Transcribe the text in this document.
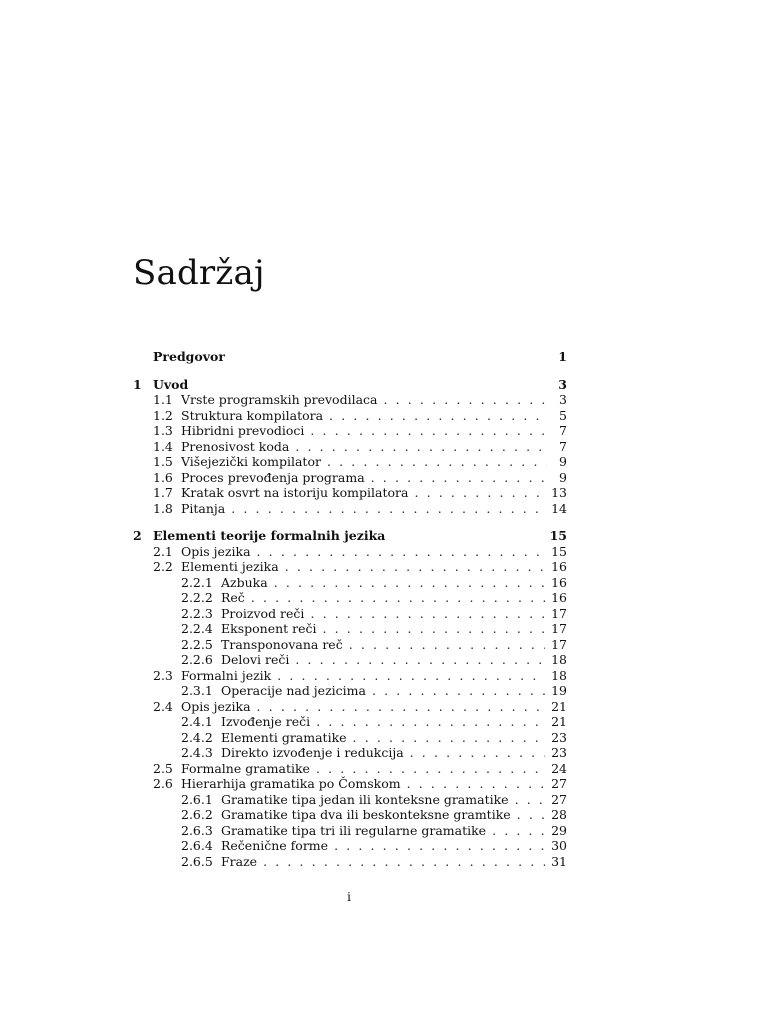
Sadržaj
Predgovor	1
1 Uvod	3
1.1 Vrste programskih prevodilaca . . .	3
1.2 Struktura kompilatora . . .	5
1.3 Hibridni prevodioci . . .	7
1.4 Prenosivost koda . . .	7
1.5 Višejezički kompilator . . .	9
1.6 Proces prevođenja programa . . .	9
1.7 Kratak osvrt na istoriju kompilatora . . .	13
1.8 Pitanja . . .	14
2 Elementi teorije formalnih jezika	15
2.1 Opis jezika . . .	15
2.2 Elementi jezika . . .	16
2.2.1 Azbuka . . .	16
2.2.2 Reč . . .	16
2.2.3 Proizvod reči . . .	17
2.2.4 Eksponent reči . . .	17
2.2.5 Transponovana reč . . .	17
2.2.6 Delovi reči . . .	18
2.3 Formalni jezik . . .	18
2.3.1 Operacije nad jezicima . . .	19
2.4 Opis jezika . . .	21
2.4.1 Izvođenje reči . . .	21
2.4.2 Elementi gramatike . . .	23
2.4.3 Direkto izvođenje i redukcija . . .	23
2.5 Formalne gramatike . . .	24
2.6 Hierarhija gramatika po Čomskom . . .	27
2.6.1 Gramatike tipa jedan ili konteksne gramatike . . .	27
2.6.2 Gramatike tipa dva ili beskonteksne gramtike . . .	28
2.6.3 Gramatike tipa tri ili regularne gramatike . . .	29
2.6.4 Rečenične forme . . .	30
2.6.5 Fraze . . .	31
i
